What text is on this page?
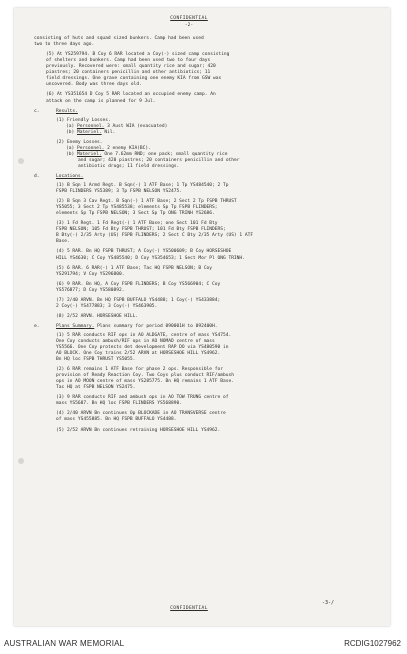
CONFIDENTIAL
-2-

consisting of huts and squad sized bunkers. Camp had been used
two to three days ago.

(5) At YS259794. B Coy 6 RAR located a Coy(-) sized camp consisting
of shelters and bunkers. Camp had been used two to four days
previously. Recovered were: small quantity rice and sugar; 420
piastres; 20 containers penicillin and other antibiotics; 11
field dressings. One grave containing one enemy KIA from GSW was
uncovered. Body was three days old.

(6) At YS351654 D Coy 5 RAR located an occupied enemy camp. An
attack on the camp is planned for 9 Jul.

c.	Results.

(1) Friendly Losses.
(a) Personnel. 3 Aust WIA (evacuated)
(b) Materiel. Nil.

(2) Enemy Losses.
(a) Personnel. 2 enemy KIA(BC).
(b) Materiel. One 7.62mm RND; one pack; small quantity rice
and sugar; 420 piastres; 20 containers penicillin and other
antibiotic drugs; 11 field dressings.

d.	Locations.

(1) B Sqn 1 Armd Regt. B Sqn(-) 1 ATF Base; 1 Tp YS484540; 2 Tp
FSPB FLINDERS YS5389; 3 Tp FSPB NELSON YS2475.

(2) B Sqn 3 Cav Regt. B Sqn(-) 1 ATF Base; 2 Sect 2 Tp FSPB THRUST
YS5055; 3 Sect 2 Tp YS485538; elements Sp Tp FSPB FLINDERS;
elements Sp Tp FSPB NELSON; 3 Sect Sp Tp ONG TRINH YS2686.

(3) 1 Fd Regt. 1 Fd Regt(-) 1 ATF Base; one Sect 101 Fd Bty
FSPB NELSON; 105 Fd Bty FSPB THRUST; 101 Fd Bty FSPB FLINDERS;
B Bty(-) 2/35 Arty (US) FSPB FLINDERS; 2 Sect C Bty 2/35 Arty (US) 1 ATF
Base.

(4) 5 RAR. Bn HQ FSPB THRUST; A Coy(-) YS500609; B Coy HORSESHOE
HILL YS4630; C Coy YS485540; D Coy YS354653; 1 Sect Mor Pl ONG TRINH.

(5) 6 RAR. 6 RAR(-) 1 ATF Base; Tac HQ FSPB NELSON; B Coy
YS291794; V Coy YS296800.

(6) 9 RAR. Bn HQ, A Coy FSPB FLINDERS; B Coy YS566904; C Coy
YS576877; D Coy YS580892.

(7) 2/40 ARVN. Bn HQ FSPB BUFFALO YS4488; 1 Coy(-) YS433884;
2 Coy(-) YS477883; 3 Coy(-) YS463905.

(8) 2/52 ARVN. HORSESHOE HILL.

e.	Plans Summary. Plans summary for period 090001H to 092400H.

(1) 5 RAR conducts RIF ops in AO ALDGATE, centre of mass YS4754.
One Coy conducts ambush/RIF ops in AO NOMAD centre of mass
YS5566. One Coy protects det development RAP DO via YS480590 in
AO BLOCK. One Coy trains 2/52 ARVN at HORSESHOE HILL YS4962.
Bn HQ loc FSPB THRUST YS5055.

(2) 6 RAR remains 1 ATF Base for phase 2 ops. Responsible for
provision of Ready Reaction Coy. Two Coys plus conduct RIF/ambush
ops in AO MOON centre of mass YS285775. Bn HQ remains 1 ATF Base.
Tac HQ at FSPB NELSON YS2475.

(3) 9 RAR conducts RIF and ambush ops in AO TOW TRUNG centre of
mass YS5687. Bn HQ loc FSPB FLINDERS YS568890.

(4) 2/40 ARVN Bn continues Op BLOCKADE in AO TRANSVERSE centre
of mass YS455885. Bn HQ FSPB BUFFALO YS4488.

(5) 2/52 ARVN Bn continues retraining HORSESHOE HILL YS4962.

-3-/
CONFIDENTIAL
AUSTRALIAN WAR MEMORIAL	RCDIG1027962
